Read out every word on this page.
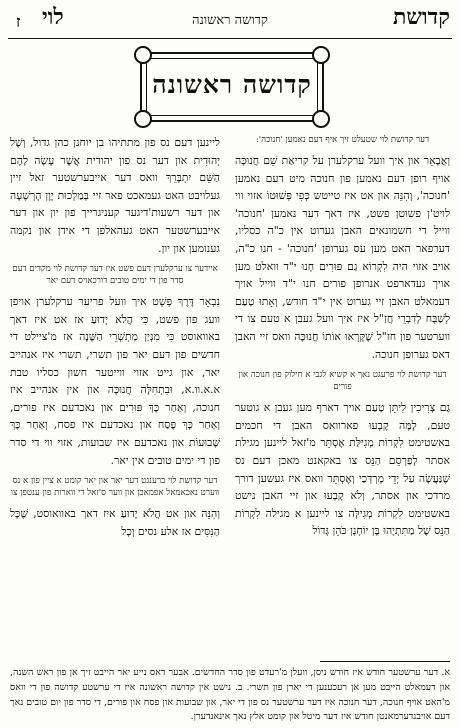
קדושת
קדושה ראשונה
לוי
ז
קדושה ראשונה

דער קדושת לוי שטעלט זיך איף דעם נאמען 'חנוכה':

וְאֲבָאֵר און איך וועל ערקלערן על קריאַת שֵׁם חֲנוּכָּה אויף רופן דעם נאמען פון חנוכה מיט דעם נאמען 'חנוכה', וְהִנֵּה און אט איז טייטש כְּפִי פְּשׁוּטוֹ אזוי ווי לויט'ן פשוטן פשט, איז דאך דער נאמען 'חנוכה' ווייל די חשמונאים האבן גערוט אין כ"ה כסליו, דערפאר האט מען עס גערופן 'חנוכה' - חנו כ"ה, אויב אזוי היה לִקְרוֹא גַם פּוּרִים חָנוּ י"ד וואלט מען אויך געדארפט אנרופן פורים חנו י"ד ווייל אויך דעמאלט האבן זיי גערוט אין י"ד חודש, וְאָתוּ טַעַם לְשַׁבָּח לְדִבְרֵי חֲזַ"ל איז איך וועל געבן א טעם צו די ווערטער פון חז"ל שֶׁקָּרְאוּ אוֹתוֹ חֲנוּכָּה וואס זיי האבן דאס גערופן חנוכה.

דער קדושת לוי פרעגט נאך א קשיא לגבי א חילוק פון חנוכה און פורים

גַם צְרִיכִין לִיתֵּן טַעַם אויך דארף מען געבן א גוטער טעם, לָמָּה קָבְעוּ פארוואס האבן די חכמים באשטימט לִקְרוֹת מְגִילַּת אֶסְתֵּר מ'זאל ליינען מגילת אסתר לְפַרְסֵם הַנֵּס צו באקאנט מאכן דעם נס שֶׁנַּעֲשָׂה עַל יְדֵי מָרְדְּכַי וְאֶסְתֵּר וואס איז געשען דורך מרדכי און אסתר, וְלֹא קָבְעוּ און זיי האבן נישט באשטימט לִקְרוֹת מְגִילָּה צו ליינען א מגילה לִקְרוֹת הַנֵּס שֶׁל מַתִּתְיָהוּ בֶּן יוֹחָנָן כֹּהֵן גָּדוֹל

ליינען דעם נס פון מתתיהו בן יוחנן כהן גדול, וְשֶׁל יְהוּדִית און דער נס פון יהודית אֲשֶׁר עָשָׂה לָהֶם הַשֵּׁם יִתְבָּרֵךְ וואס דער אייבערשטער זאל זיין געלויבט האט געמאכט פאר זיי בְּמַלְכוּת יָוָן הָרְשָׁעָה און דער רשעות'דיגער קעניגרייך פון יון און דער אייבערשטער האט געהאלפן די אידן און נקמה גענומען און יון.

איידער צו ערקלערן דעם פשט איז דער קדושת לוי מקדים דעם סדר פון די ימים טובים דורכאויס דעם יאר

נִבְאָר דֶּרֶךְ פְּשָׁט איך וועל פריער ערקלערן אויפן וועג פון פשט, כִּי הֲלֹא יָדוּעַ אז אט איז דאך באוואוסט כִּי מִנְיַן מַתְשְׁרֵי הַשָּׁנָה אז מ'ציילט די חדשים פון דעם יאר פון תשרי, תשרי איז אנהייב יאר, און גייט אזוי ווייטער חשון כסליו טבת א.א.וו.א, וּבִתְחִלָּה חֲנוּכָּה און אין אנהייב איז חנוכה, וְאַחַר כָּךְ פּוּרִים און נאכדעם איז פורים, וְאַחַר כָּךְ פֶּסַח און נאכדעם איז פסח, וְאַחַר כָּךְ שָׁבוּעוֹת און נאכדעם איז שבועות, אזוי ווי די סדר פון די ימים טובים אין יאר.

דער קדושת לוי ברענגט דער יאר און יאר קומט א ציין פון א נס ווערט נאכאמאל אפמאכן און ווער ס'זאל די ווארות פון ענטפן צו

וְהִנֵּה און אט הֲלֹא יָדוּעַ איז דאך באוואוסט, שֶׁכָּל הַנִּסִּים אז אלע נסים וְכָל

א. דער ערשטער חודש איז חודש ניסן, וועלן מ'רעדט פון סדר החדשים. אבער דאס נייע יאר הייבט זיך אן פון ראש השנה, און דעמאלט הייבט מען אן רעכענען די יארן פון תשרי. ב. נישט אין קדושה ראשונה איז די ערשטע קדושה פון די וואס מ'האט אויף חנוכה, דער חנוכה איז דער ערשטער נס פון די יאר, און שבועות און פסח און פורים, די סדר פון יום טובים נאך דעם אויבנדערמאנטן חודש איז דער מיטל און קומט אלץ נאך אינאנדערן.
